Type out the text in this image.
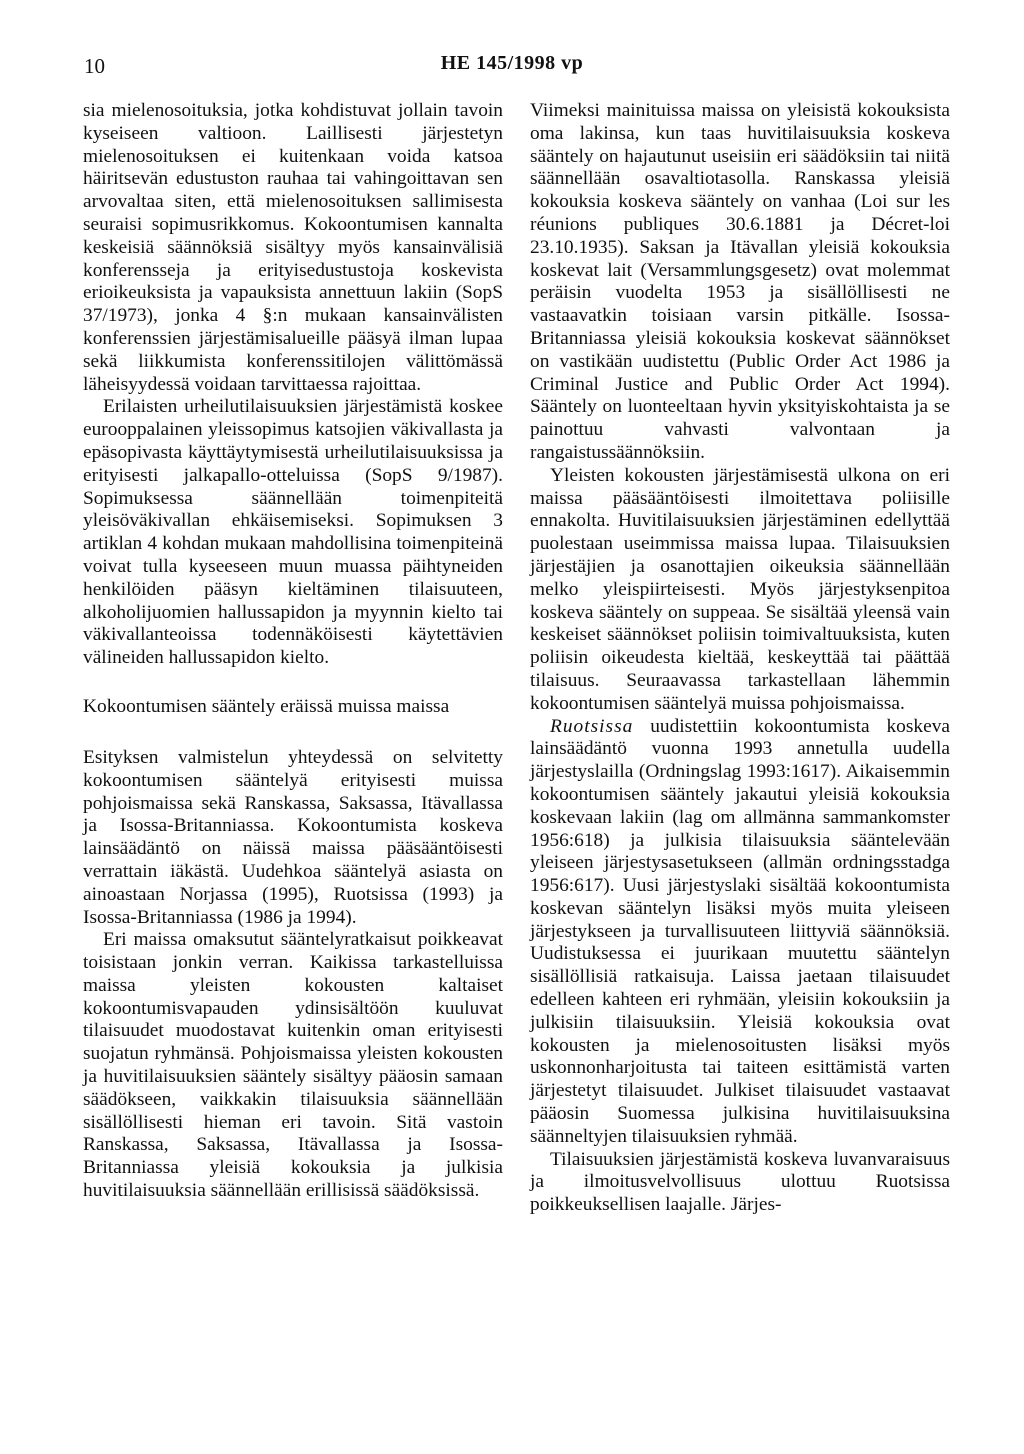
10	HE 145/1998 vp

sia mielenosoituksia, jotka kohdistuvat jollain tavoin kyseiseen valtioon. Laillisesti järjestetyn mielenosoituksen ei kuitenkaan voida katsoa häiritsevän edustuston rauhaa tai vahingoittavan sen arvovaltaa siten, että mielenosoituksen sallimisesta seuraisi sopimusrikkomus. Kokoontumisen kannalta keskeisiä säännöksiä sisältyy myös kansainvälisiä konferensseja ja erityisedustustoja koskevista erioikeuksista ja vapauksista annettuun lakiin (SopS 37/1973), jonka 4 §:n mukaan kansainvälisten konferenssien järjestämisalueille pääsyä ilman lupaa sekä liikkumista konferenssitilojen välittömässä läheisyydessä voidaan tarvittaessa rajoittaa.

Erilaisten urheilutilaisuuksien järjestämistä koskee eurooppalainen yleissopimus katsojien väkivallasta ja epäsopivasta käyttäytymisestä urheilutilaisuuksissa ja erityisesti jalkapallo-otteluissa (SopS 9/1987). Sopimuksessa säännellään toimenpiteitä yleisöväkivallan ehkäisemiseksi. Sopimuksen 3 artiklan 4 kohdan mukaan mahdollisina toimenpiteinä voivat tulla kyseeseen muun muassa päihtyneiden henkilöiden pääsyn kieltäminen tilaisuuteen, alkoholijuomien hallussapidon ja myynnin kielto tai väkivallanteoissa todennäköisesti käytettävien välineiden hallussapidon kielto.

Kokoontumisen sääntely eräissä muissa maissa

Esityksen valmistelun yhteydessä on selvitetty kokoontumisen sääntelyä erityisesti muissa pohjoismaissa sekä Ranskassa, Saksassa, Itävallassa ja Isossa-Britanniassa. Kokoontumista koskeva lainsäädäntö on näissä maissa pääsääntöisesti verrattain iäkästä. Uudehkoa sääntelyä asiasta on ainoastaan Norjassa (1995), Ruotsissa (1993) ja Isossa-Britanniassa (1986 ja 1994).

Eri maissa omaksutut sääntelyratkaisut poikkeavat toisistaan jonkin verran. Kaikissa tarkastelluissa maissa yleisten kokousten kaltaiset kokoontumisvapauden ydinsisältöön kuuluvat tilaisuudet muodostavat kuitenkin oman erityisesti suojatun ryhmänsä. Pohjoismaissa yleisten kokousten ja huvitilaisuuksien sääntely sisältyy pääosin samaan säädökseen, vaikkakin tilaisuuksia säännellään sisällöllisesti hieman eri tavoin. Sitä vastoin Ranskassa, Saksassa, Itävallassa ja Isossa-Britanniassa yleisiä kokouksia ja julkisia huvitilaisuuksia säännellään erillisissä säädöksissä.

Viimeksi mainituissa maissa on yleisistä kokouksista oma lakinsa, kun taas huvitilaisuuksia koskeva sääntely on hajautunut useisiin eri säädöksiin tai niitä säännellään osavaltiotasolla. Ranskassa yleisiä kokouksia koskeva sääntely on vanhaa (Loi sur les réunions publiques 30.6.1881 ja Décret-loi 23.10.1935). Saksan ja Itävallan yleisiä kokouksia koskevat lait (Versammlungsgesetz) ovat molemmat peräisin vuodelta 1953 ja sisällöllisesti ne vastaavatkin toisiaan varsin pitkälle. Isossa-Britanniassa yleisiä kokouksia koskevat säännökset on vastikään uudistettu (Public Order Act 1986 ja Criminal Justice and Public Order Act 1994). Sääntely on luonteeltaan hyvin yksityiskohtaista ja se painottuu vahvasti valvontaan ja rangaistussäännöksiin.

Yleisten kokousten järjestämisestä ulkona on eri maissa pääsääntöisesti ilmoitettava poliisille ennakolta. Huvitilaisuuksien järjestäminen edellyttää puolestaan useimmissa maissa lupaa. Tilaisuuksien järjestäjien ja osanottajien oikeuksia säännellään melko yleispiirteisesti. Myös järjestyksenpitoa koskeva sääntely on suppeaa. Se sisältää yleensä vain keskeiset säännökset poliisin toimivaltuuksista, kuten poliisin oikeudesta kieltää, keskeyttää tai päättää tilaisuus. Seuraavassa tarkastellaan lähemmin kokoontumisen sääntelyä muissa pohjoismaissa.

Ruotsissa uudistettiin kokoontumista koskeva lainsäädäntö vuonna 1993 annetulla uudella järjestyslailla (Ordningslag 1993:1617). Aikaisemmin kokoontumisen sääntely jakautui yleisiä kokouksia koskevaan lakiin (lag om allmänna sammankomster 1956:618) ja julkisia tilaisuuksia sääntelevään yleiseen järjestysasetukseen (allmän ordningsstadga 1956:617). Uusi järjestyslaki sisältää kokoontumista koskevan sääntelyn lisäksi myös muita yleiseen järjestykseen ja turvallisuuteen liittyviä säännöksiä. Uudistuksessa ei juurikaan muutettu sääntelyn sisällöllisiä ratkaisuja. Laissa jaetaan tilaisuudet edelleen kahteen eri ryhmään, yleisiin kokouksiin ja julkisiin tilaisuuksiin. Yleisiä kokouksia ovat kokousten ja mielenosoitusten lisäksi myös uskonnonharjoitusta tai taiteen esittämistä varten järjestetyt tilaisuudet. Julkiset tilaisuudet vastaavat pääosin Suomessa julkisina huvitilaisuuksina säänneltyjen tilaisuuksien ryhmää.

Tilaisuuksien järjestämistä koskeva luvanvaraisuus ja ilmoitusvelvollisuus ulottuu Ruotsissa poikkeuksellisen laajalle. Järjes-
